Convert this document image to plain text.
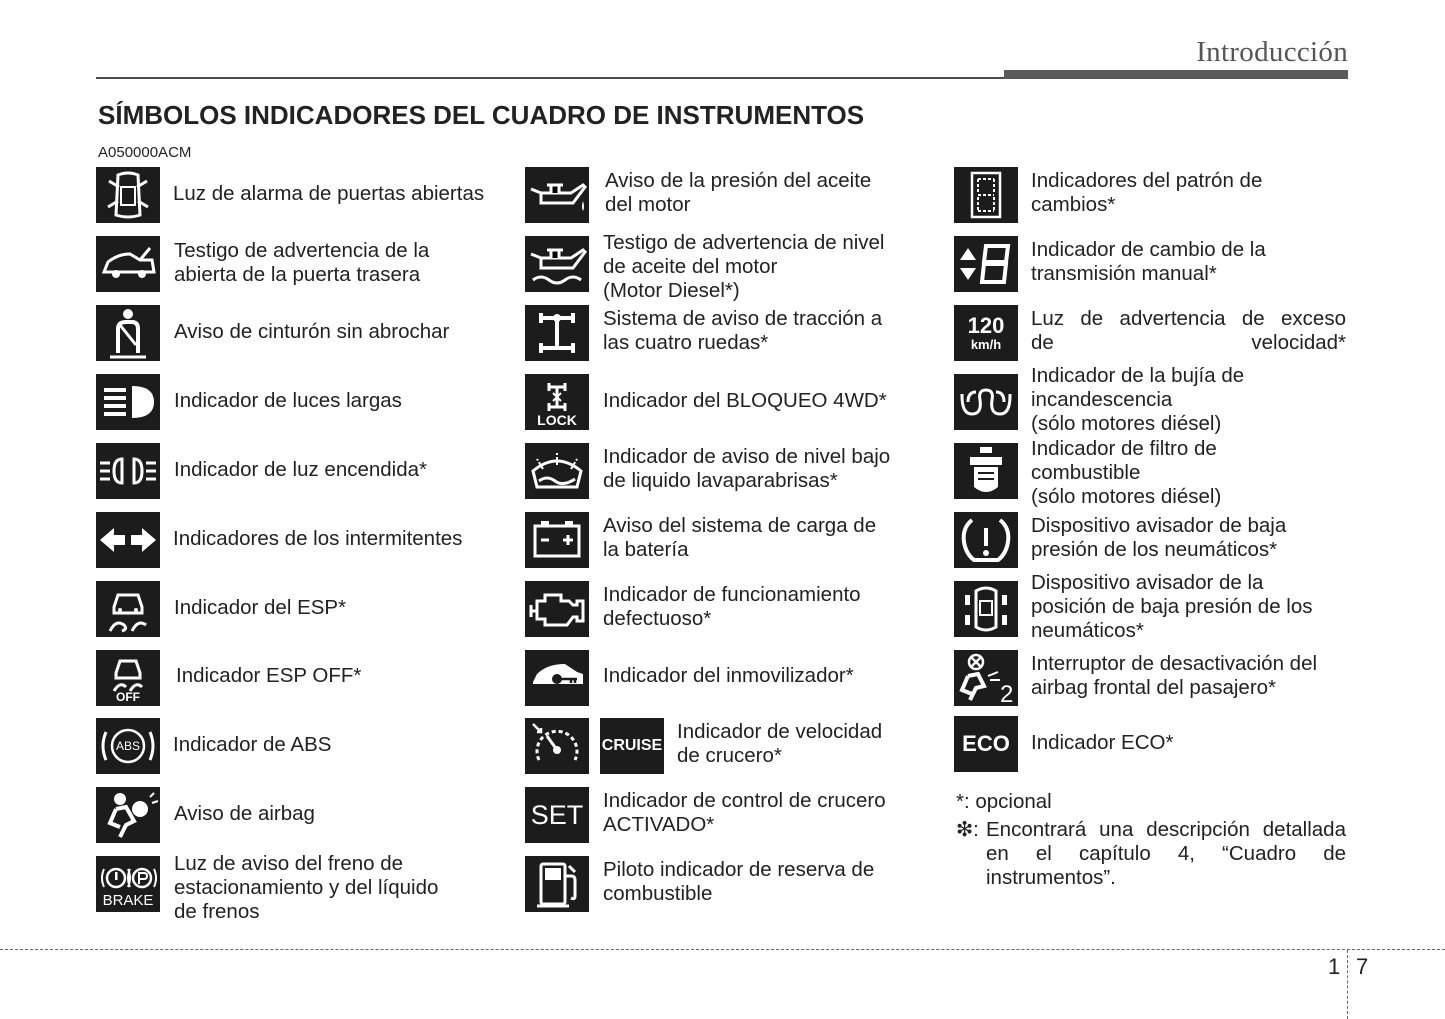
Introducción
SÍMBOLOS INDICADORES DEL CUADRO DE INSTRUMENTOS
A050000ACM
Luz de alarma de puertas abiertas
Testigo de advertencia de la
abierta de la puerta trasera
Aviso de cinturón sin abrochar
Indicador de luces largas
Indicador de luz encendida*
Indicadores de los intermitentes
Indicador del ESP*
OFF
Indicador ESP OFF*
ABS Indicador de ABS
Aviso de airbag
BRAKE
Luz de aviso del freno de
estacionamiento y del líquido
de frenos
Aviso de la presión del aceite
del motor
Testigo de advertencia de nivel
de aceite del motor
(Motor Diesel*)
Sistema de aviso de tracción a
las cuatro ruedas*
LOCK
Indicador del BLOQUEO 4WD*
Indicador de aviso de nivel bajo
de liquido lavaparabrisas*
Aviso del sistema de carga de
la batería
Indicador de funcionamiento
defectuoso*
Indicador del inmovilizador*
CRUISE
Indicador de velocidad
de crucero*
SET Indicador de control de crucero
ACTIVADO*
Piloto indicador de reserva de
combustible
Indicadores del patrón de
cambios*
Indicador de cambio de la
transmisión manual*
120
km/h
Luz de advertencia de exceso
de velocidad*
Indicador de la bujía de
incandescencia
(sólo motores diésel)
Indicador de filtro de
combustible
(sólo motores diésel)
Dispositivo avisador de baja
presión de los neumáticos*
Dispositivo avisador de la
posición de baja presión de los
neumáticos*
2
Interruptor de desactivación del
airbag frontal del pasajero*
ECO Indicador ECO*
*: opcional
❇: Encontrará una descripción detallada en el capítulo 4, “Cuadro de instrumentos”.
1 7
